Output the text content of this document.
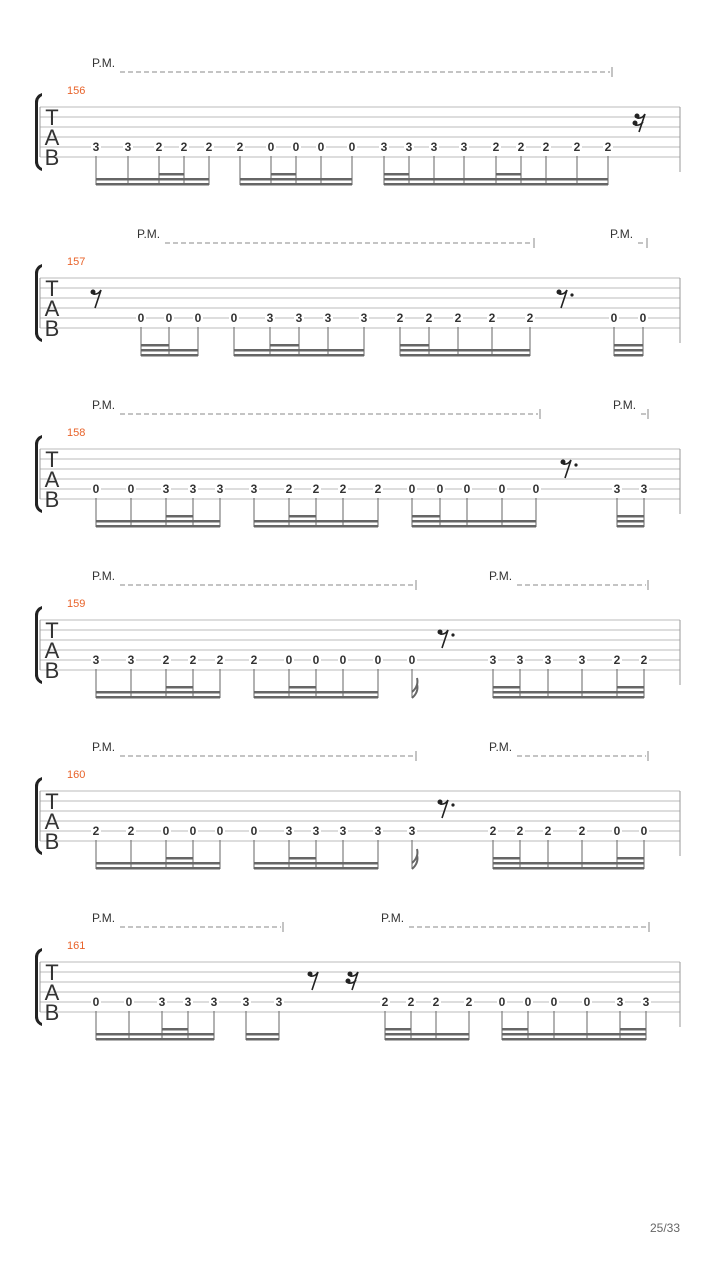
P.M.
156
T
A
B	3 3 2 2 2 2 0 0 0 0 3 3 3 3 2 2 2 2 2
P.M.	P.M.
157
T
A
B	0 0 0 0 3 3 3 3 2 2 2 2	2	0 0
P.M.	P.M.
158
T
A
B	0 0 3 3 3 3 2 2 2 2 0 0 0 0 0	3 3
P.M.	P.M.
159
T
A
B	3 3 2 2 2 2 0 0 0 0 0	3 3 3 3 2 2
P.M.	P.M.
160
T
A
B	2 2 0 0 0 0 3 3 3 3 3	2 2 2 2 0 0
P.M.	P.M.
161
T
A
B	0 0 3 3 3 3 3	2 2 2 2 0 0 0 0 3 3
25/33
